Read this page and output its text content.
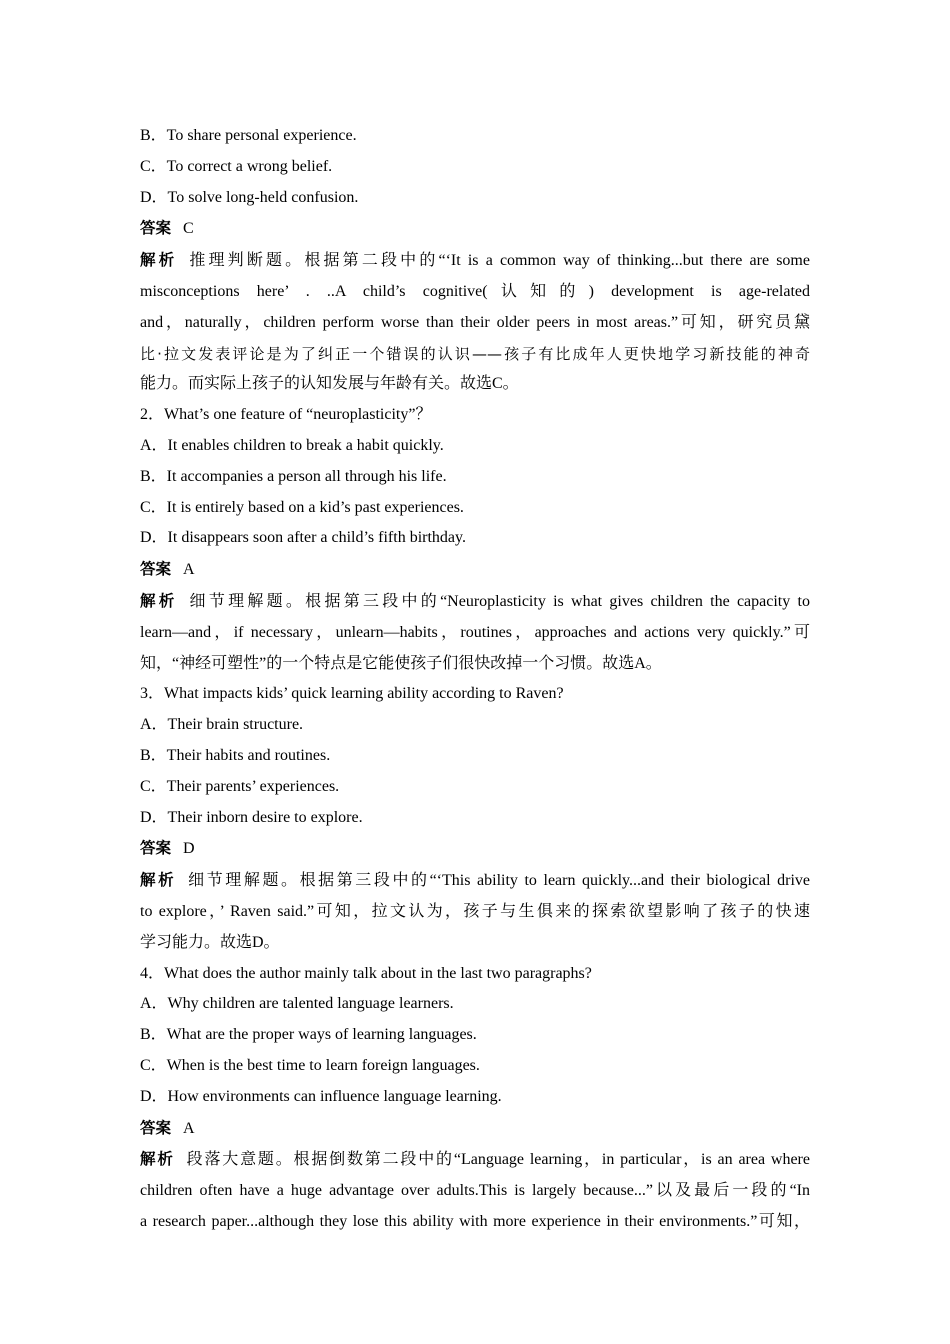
B．To share personal experience.
C．To correct a wrong belief.
D．To solve long-held confusion.
答案 C
解析 推理判断题。根据第二段中的“‘It is a common way of thinking...but there are some
misconceptions here’ . ..A child’s cognitive(认知的) development is age-related
and，naturally，children perform worse than their older peers in most areas.”可知，研究员黛
比·拉文发表评论是为了纠正一个错误的认识——孩子有比成年人更快地学习新技能的神奇
能力。而实际上孩子的认知发展与年龄有关。故选C。
2．What’s one feature of “neuroplasticity”？
A．It enables children to break a habit quickly.
B．It accompanies a person all through his life.
C．It is entirely based on a kid’s past experiences.
D．It disappears soon after a child’s fifth birthday.
答案 A
解析 细节理解题。根据第三段中的“Neuroplasticity is what gives children the capacity to
learn—and，if necessary，unlearn—habits，routines，approaches and actions very quickly.”可
知，“神经可塑性”的一个特点是它能使孩子们很快改掉一个习惯。故选A。
3．What impacts kids’ quick learning ability according to Raven?
A．Their brain structure.
B．Their habits and routines.
C．Their parents’ experiences.
D．Their inborn desire to explore.
答案 D
解析 细节理解题。根据第三段中的“‘This ability to learn quickly...and their biological drive
to explore，’ Raven said.”可知，拉文认为，孩子与生俱来的探索欲望影响了孩子的快速
学习能力。故选D。
4．What does the author mainly talk about in the last two paragraphs?
A．Why children are talented language learners.
B．What are the proper ways of learning languages.
C．When is the best time to learn foreign languages.
D．How environments can influence language learning.
答案 A
解析 段落大意题。根据倒数第二段中的“Language learning，in particular，is an area where
children often have a huge advantage over adults.This is largely because...”以及最后一段的“In
a research paper...although they lose this ability with more experience in their environments.”可知，
